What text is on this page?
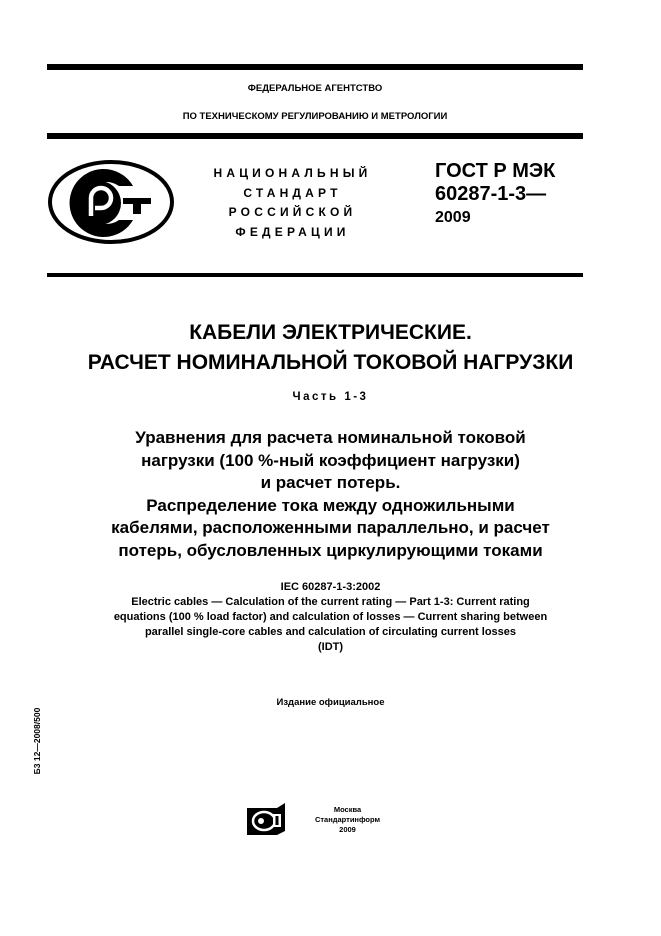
ФЕДЕРАЛЬНОЕ АГЕНТСТВО
ПО ТЕХНИЧЕСКОМУ РЕГУЛИРОВАНИЮ И МЕТРОЛОГИИ
НАЦИОНАЛЬНЫЙ
СТАНДАРТ
РОССИЙСКОЙ
ФЕДЕРАЦИИ
ГОСТ Р МЭК
60287-1-3—
2009
КАБЕЛИ ЭЛЕКТРИЧЕСКИЕ.
РАСЧЕТ НОМИНАЛЬНОЙ ТОКОВОЙ НАГРУЗКИ
Часть 1-3
Уравнения для расчета номинальной токовой
нагрузки (100 %-ный коэффициент нагрузки)
и расчет потерь.
Распределение тока между одножильными
кабелями, расположенными параллельно, и расчет
потерь, обусловленных циркулирующими токами
IEC 60287-1-3:2002
Electric cables — Calculation of the current rating — Part 1-3: Current rating
equations (100 % load factor) and calculation of losses — Current sharing between
parallel single-core cables and calculation of circulating current losses
(IDT)
Издание официальное
Б3 12—2008/500
Москва
Стандартинформ
2009
